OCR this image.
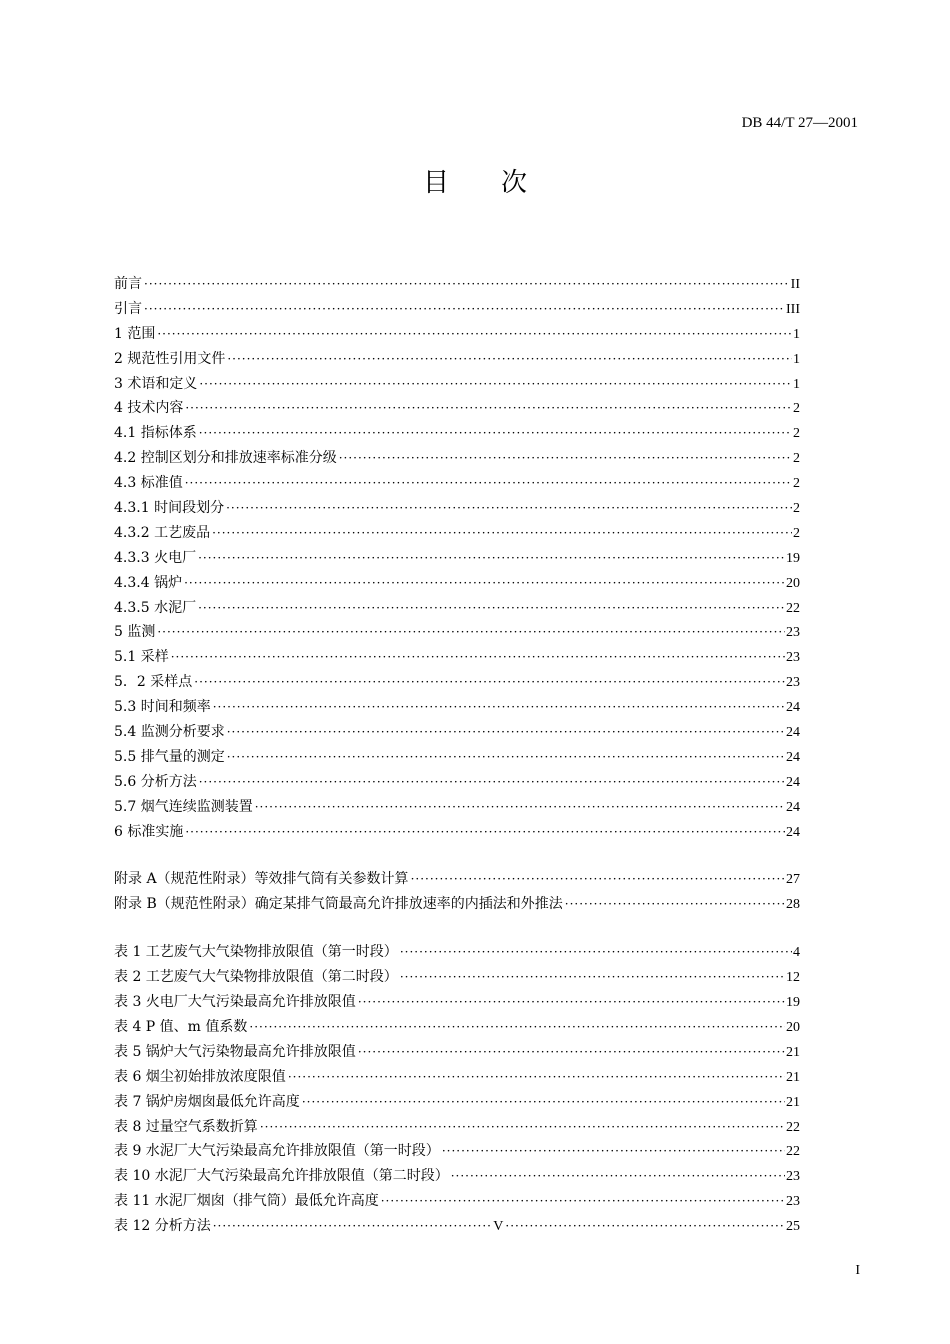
DB 44/T 27—2001
目次
前言 ·····	II
引言 ·····	III
1 范围 ·····	1
2 规范性引用文件 ·····	1
3 术语和定义 ·····	1
4 技术内容 ·····	2
4.1 指标体系 ·····	2
4.2 控制区划分和排放速率标准分级 ·····	2
4.3 标准值 ·····	2
4.3.1 时间段划分 ·····	2
4.3.2 工艺废品 ·····	2
4.3.3 火电厂 ·····	19
4.3.4 锅炉 ·····	20
4.3.5 水泥厂 ·····	22
5 监测 ·····	23
5.1 采样 ·····	23
5．2 采样点 ·····	23
5.3 时间和频率 ·····	24
5.4 监测分析要求 ·····	24
5.5 排气量的测定 ·····	24
5.6 分析方法 ·····	24
5.7 烟气连续监测装置 ·····	24
6 标准实施 ·····	24
附录 A（规范性附录）等效排气筒有关参数计算 ·····	27
附录 B（规范性附录）确定某排气筒最高允许排放速率的内插法和外推法 ·····	28
表 1 工艺废气大气染物排放限值（第一时段） ·····	4
表 2 工艺废气大气染物排放限值（第二时段） ·····	12
表 3 火电厂大气污染最高允许排放限值 ·····	19
表 4 P 值、m 值系数 ·····	20
表 5 锅炉大气污染物最高允许排放限值 ·····	21
表 6 烟尘初始排放浓度限值 ·····	21
表 7 锅炉房烟囱最低允许高度 ·····	21
表 8 过量空气系数折算 ·····	22
表 9 水泥厂大气污染最高允许排放限值（第一时段） ·····	22
表 10 水泥厂大气污染最高允许排放限值（第二时段） ·····	23
表 11 水泥厂烟囱（排气筒）最低允许高度 ·····	23
表 12 分析方法 ·····	V ·····	25
I
